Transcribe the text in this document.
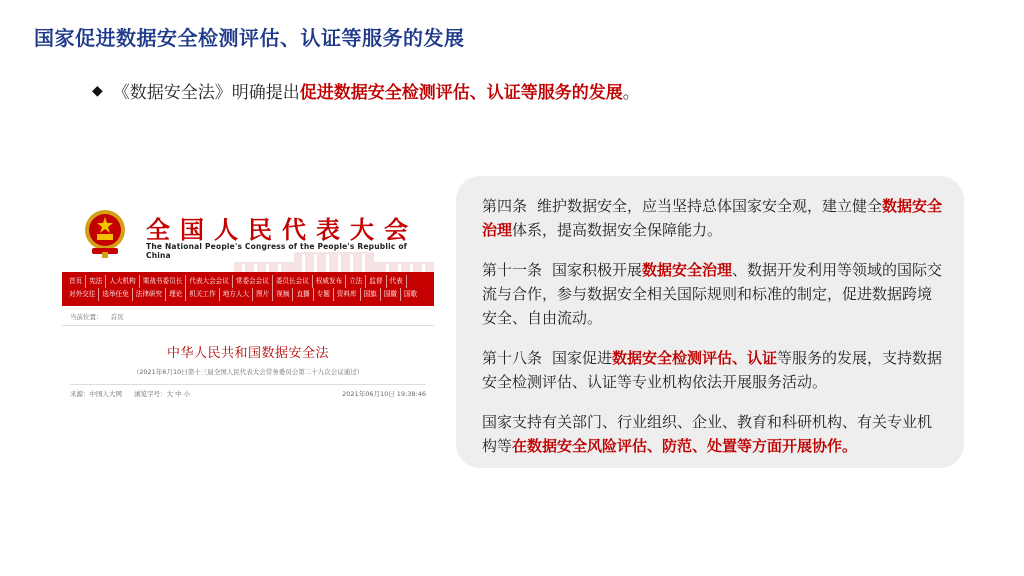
国家促进数据安全检测评估、认证等服务的发展
◆ 《数据安全法》明确提出 促进数据安全检测评估、认证等服务的发展 。
全国人民代表大会
The National People's Congress of the People's Republic of China
首页	宪法	人大机构	栗战书委员长	代表大会会议	常委会会议	委员长会议	权威发布	立法	监督	代表
对外交往	选举任免	法律研究	理论	机关工作	地方人大	图片	视频	直播	专题	资料库	国旗	国徽	国歌
当前位置： 首页
中华人民共和国数据安全法
（2021年6月10日第十三届全国人民代表大会常务委员会第二十九次会议通过）
来源：中国人大网 浏览字号：大 中 小	2021年06月10日 19:38:46

第四条 维护数据安全，应当坚持总体国家安全观，建立健全数据安全治理体系，提高数据安全保障能力。

第十一条 国家积极开展数据安全治理、数据开发利用等领域的国际交流与合作，参与数据安全相关国际规则和标准的制定，促进数据跨境安全、自由流动。

第十八条 国家促进数据安全检测评估、认证等服务的发展，支持数据安全检测评估、认证等专业机构依法开展服务活动。

国家支持有关部门、行业组织、企业、教育和科研机构、有关专业机构等在数据安全风险评估、防范、处置等方面开展协作。
